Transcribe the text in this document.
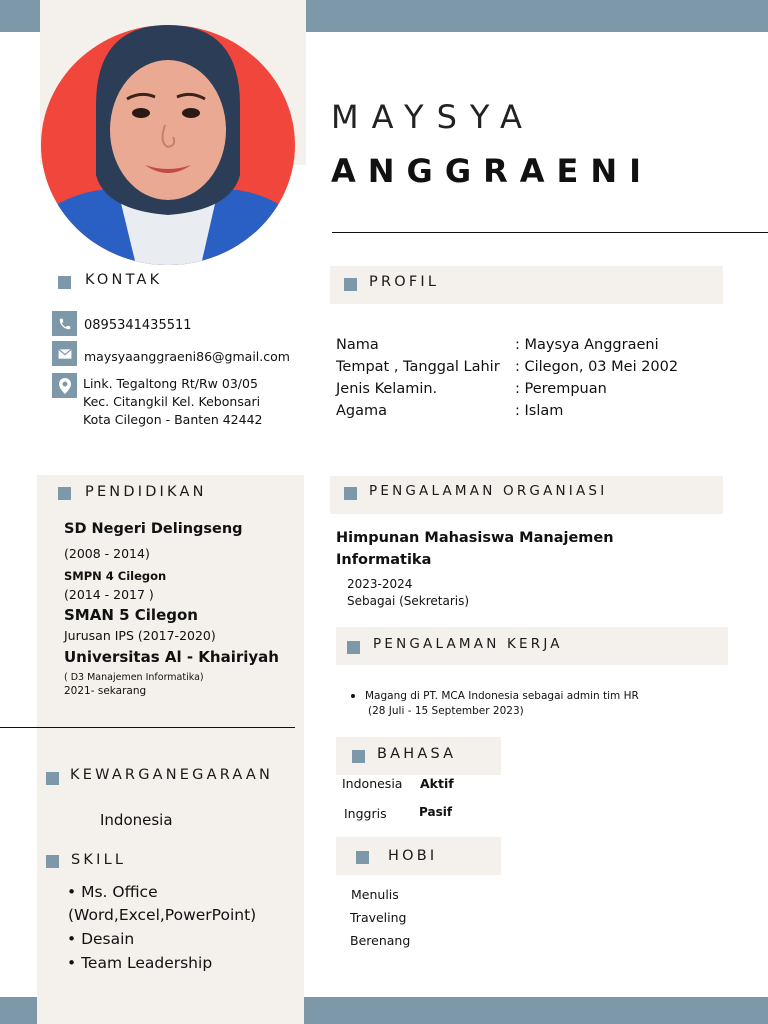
MAYSYA
ANGGRAENI
KONTAK
0895341435511
maysyaanggraeni86@gmail.com
Link. Tegaltong Rt/Rw 03/05
Kec. Citangkil Kel. Kebonsari
Kota Cilegon - Banten 42442
PROFIL
Nama	: Maysya Anggraeni
Tempat , Tanggal Lahir : Cilegon, 03 Mei 2002
Jenis Kelamin.	: Perempuan
Agama	: Islam
PENDIDIKAN
SD Negeri Delingseng
(2008 - 2014)
SMPN 4 Cilegon
(2014 - 2017 )
SMAN 5 Cilegon
Jurusan IPS (2017-2020)
Universitas Al - Khairiyah
( D3 Manajemen Informatika)
2021- sekarang
PENGALAMAN ORGANIASI
Himpunan Mahasiswa Manajemen
Informatika
2023-2024
Sebagai (Sekretaris)
PENGALAMAN KERJA
Magang di PT. MCA Indonesia sebagai admin tim HR
(28 Juli - 15 September 2023)
KEWARGANEGARAAN
Indonesia
SKILL
• Ms. Office
(Word,Excel,PowerPoint)
• Desain
• Team Leadership
BAHASA
Indonesia Aktif
Inggris	Pasif
HOBI
Menulis
Traveling
Berenang
